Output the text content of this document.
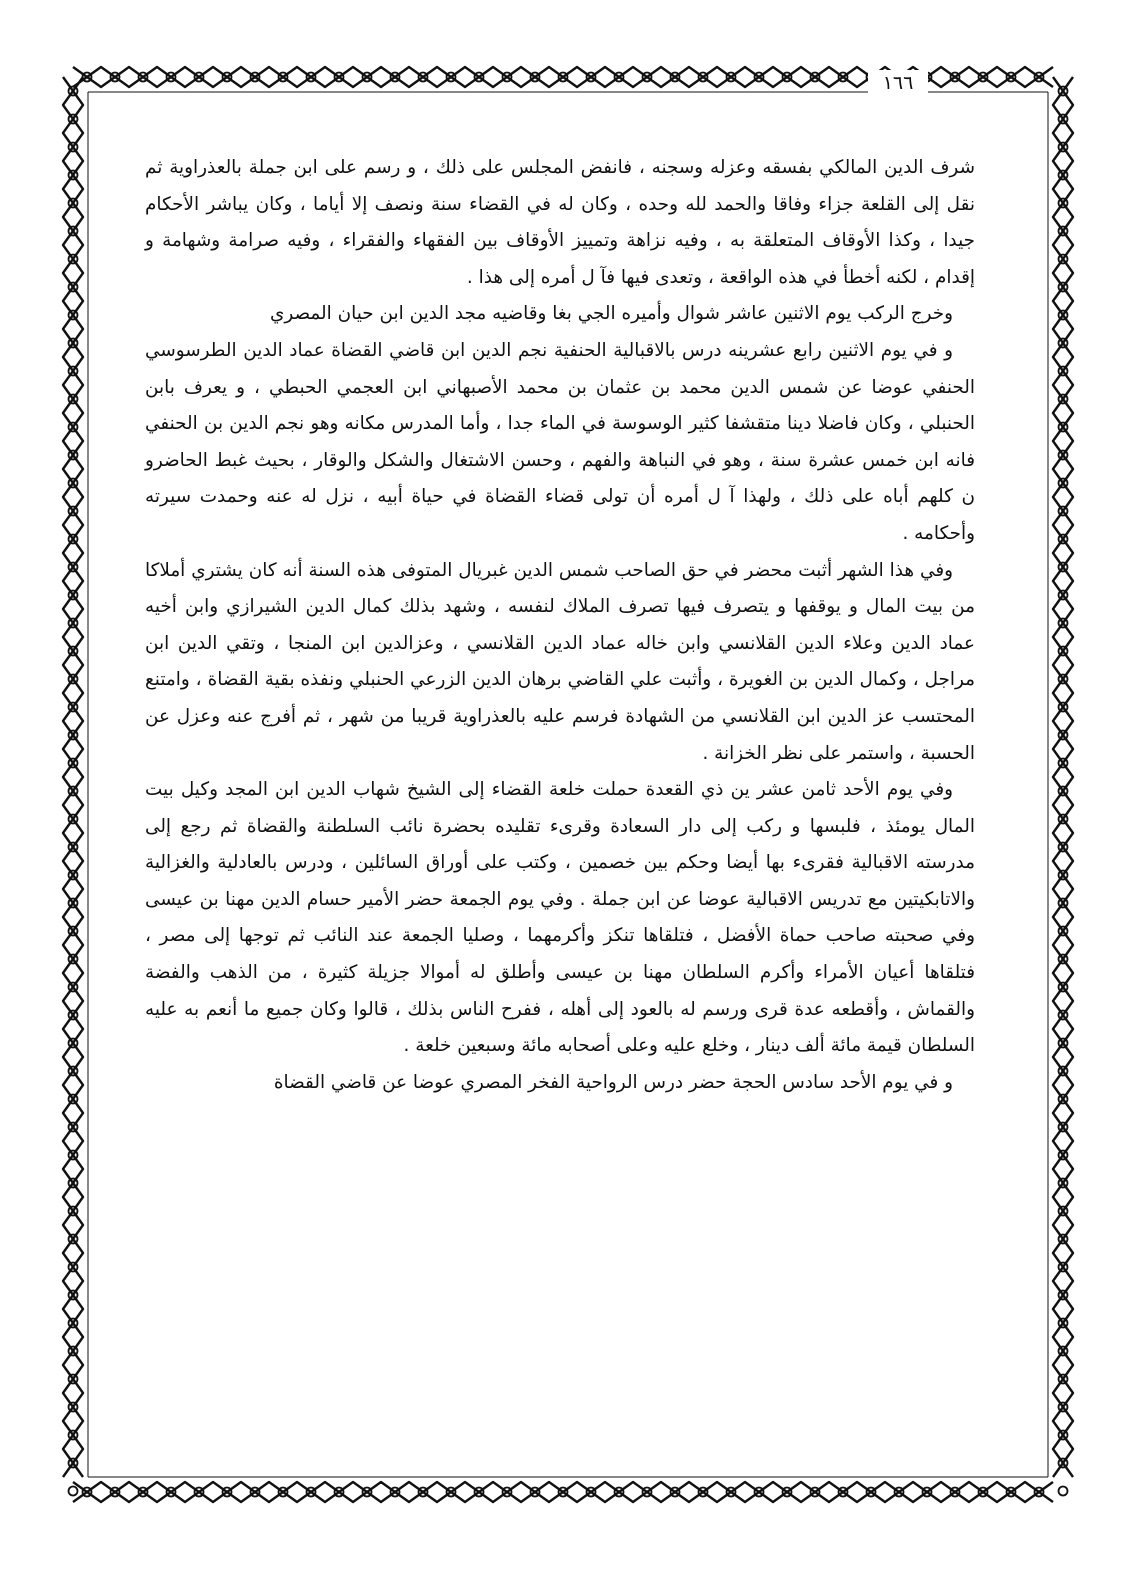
١٦٦

شرف الدين المالكي بفسقه وعزله وسجنه ، فانفض المجلس على ذلك ، و رسم على ابن جملة بالعذراوية ثم نقل إلى القلعة جزاء وفاقا والحمد لله وحده ، وكان له في القضاء سنة ونصف إلا أياما ، وكان يباشر الأحكام جيدا ، وكذا الأوقاف المتعلقة به ، وفيه نزاهة وتمييز الأوقاف بين الفقهاء والفقراء ، وفيه صرامة وشهامة و إقدام ، لكنه أخطأ في هذه الواقعة ، وتعدى فيها فآ ل أمره إلى هذا .

وخرج الركب يوم الاثنين عاشر شوال وأميره الجي بغا وقاضيه مجد الدين ابن حيان المصري

و في يوم الاثنين رابع عشرينه درس بالاقبالية الحنفية نجم الدين ابن قاضي القضاة عماد الدين الطرسوسي الحنفي عوضا عن شمس الدين محمد بن عثمان بن محمد الأصبهاني ابن العجمي الحبطي ، و يعرف بابن الحنبلي ، وكان فاضلا دينا متقشفا كثير الوسوسة في الماء جدا ، وأما المدرس مكانه وهو نجم الدين بن الحنفي فانه ابن خمس عشرة سنة ، وهو في النباهة والفهم ، وحسن الاشتغال والشكل والوقار ، بحيث غبط الحاضرو ن كلهم أباه على ذلك ، ولهذا آ ل أمره أن تولى قضاء القضاة في حياة أبيه ، نزل له عنه وحمدت سيرته وأحكامه .

وفي هذا الشهر أثبت محضر في حق الصاحب شمس الدين غبريال المتوفى هذه السنة أنه كان يشتري أملاكا من بيت المال و يوقفها و يتصرف فيها تصرف الملاك لنفسه ، وشهد بذلك كمال الدين الشيرازي وابن أخيه عماد الدين وعلاء الدين القلانسي وابن خاله عماد الدين القلانسي ، وعزالدين ابن المنجا ، وتقي الدين ابن مراجل ، وكمال الدين بن الغويرة ، وأثبت علي القاضي برهان الدين الزرعي الحنبلي ونفذه بقية القضاة ، وامتنع المحتسب عز الدين ابن القلانسي من الشهادة فرسم عليه بالعذراوية قريبا من شهر ، ثم أفرج عنه وعزل عن الحسبة ، واستمر على نظر الخزانة .

وفي يوم الأحد ثامن عشر ين ذي القعدة حملت خلعة القضاء إلى الشيخ شهاب الدين ابن المجد وكيل بيت المال يومئذ ، فلبسها و ركب إلى دار السعادة وقرىء تقليده بحضرة نائب السلطنة والقضاة ثم رجع إلى مدرسته الاقبالية فقرىء بها أيضا وحكم بين خصمين ، وكتب على أوراق السائلين ، ودرس بالعادلية والغزالية والاتابكيتين مع تدريس الاقبالية عوضا عن ابن جملة . وفي يوم الجمعة حضر الأمير حسام الدين مهنا بن عيسى وفي صحبته صاحب حماة الأفضل ، فتلقاها تنكز وأكرمهما ، وصليا الجمعة عند النائب ثم توجها إلى مصر ، فتلقاها أعيان الأمراء وأكرم السلطان مهنا بن عيسى وأطلق له أموالا جزيلة كثيرة ، من الذهب والفضة والقماش ، وأقطعه عدة قرى ورسم له بالعود إلى أهله ، ففرح الناس بذلك ، قالوا وكان جميع ما أنعم به عليه السلطان قيمة مائة ألف دينار ، وخلع عليه وعلى أصحابه مائة وسبعين خلعة .

و في يوم الأحد سادس الحجة حضر درس الرواحية الفخر المصري عوضا عن قاضي القضاة
